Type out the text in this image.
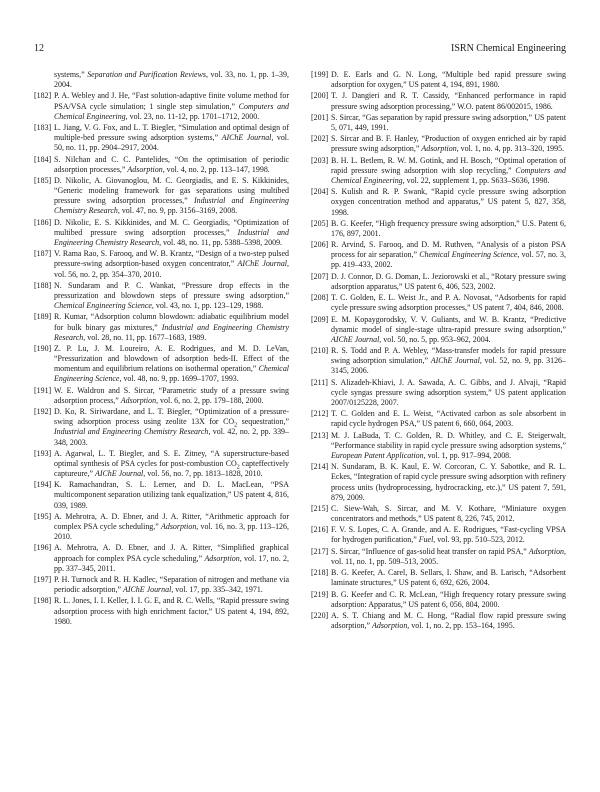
12	ISRN Chemical Engineering
systems,” Separation and Purification Reviews, vol. 33, no. 1, pp. 1–39, 2004.
[182] P. A. Webley and J. He, “Fast solution-adaptive finite volume method for PSA/VSA cycle simulation; 1 single step simulation,” Computers and Chemical Engineering, vol. 23, no. 11-12, pp. 1701–1712, 2000.
[183] L. Jiang, V. G. Fox, and L. T. Biegler, “Simulation and optimal design of multiple-bed pressure swing adsorption systems,” AIChE Journal, vol. 50, no. 11, pp. 2904–2917, 2004.
[184] S. Nilchan and C. C. Pantelides, “On the optimisation of periodic adsorption processes,” Adsorption, vol. 4, no. 2, pp. 113–147, 1998.
[185] D. Nikolic, A. Giovanoglou, M. C. Georgiadis, and E. S. Kikkinides, “Generic modeling framework for gas separations using multibed pressure swing adsorption processes,” Industrial and Engineering Chemistry Research, vol. 47, no. 9, pp. 3156–3169, 2008.
[186] D. Nikolic, E. S. Kikkinides, and M. C. Georgiadis, “Optimization of multibed pressure swing adsorption processes,” Industrial and Engineering Chemistry Research, vol. 48, no. 11, pp. 5388–5398, 2009.
[187] V. Rama Rao, S. Farooq, and W. B. Krantz, “Design of a two-step pulsed pressure-swing adsorption-based oxygen concentrator,” AIChE Journal, vol. 56, no. 2, pp. 354–370, 2010.
[188] N. Sundaram and P. C. Wankat, “Pressure drop effects in the pressurization and blowdown steps of pressure swing adsorption,” Chemical Engineering Science, vol. 43, no. 1, pp. 123–129, 1988.
[189] R. Kumar, “Adsorption column blowdown: adiabatic equilibrium model for bulk binary gas mixtures,” Industrial and Engineering Chemistry Research, vol. 28, no. 11, pp. 1677–1683, 1989.
[190] Z. P. Lu, J. M. Loureiro, A. E. Rodrigues, and M. D. LeVan, “Pressurization and blowdown of adsorption beds-II. Effect of the momentum and equilibrium relations on isothermal operation,” Chemical Engineering Science, vol. 48, no. 9, pp. 1699–1707, 1993.
[191] W. E. Waldron and S. Sircar, “Parametric study of a pressure swing adsorption process,” Adsorption, vol. 6, no. 2, pp. 179–188, 2000.
[192] D. Ko, R. Siriwardane, and L. T. Biegler, “Optimization of a pressure-swing adsorption process using zeolite 13X for $CO_2$ sequestration,” Industrial and Engineering Chemistry Research, vol. 42, no. 2, pp. 339–348, 2003.
[193] A. Agarwal, L. T. Biegler, and S. E. Zitney, “A superstructure-based optimal synthesis of PSA cycles for post-combustion $CO_2$ capteffectively captureure,” AIChE Journal, vol. 56, no. 7, pp. 1813–1828, 2010.
[194] K. Ramachandran, S. L. Lerner, and D. L. MacLean, “PSA multicomponent separation utilizing tank equalization,” US patent 4, 816, 039, 1989.
[195] A. Mehrotra, A. D. Ebner, and J. A. Ritter, “Arithmetic approach for complex PSA cycle scheduling,” Adsorption, vol. 16, no. 3, pp. 113–126, 2010.
[196] A. Mehrotra, A. D. Ebner, and J. A. Ritter, “Simplified graphical approach for complex PSA cycle scheduling,” Adsorption, vol. 17, no. 2, pp. 337–345, 2011.
[197] P. H. Turnock and R. H. Kadlec, “Separation of nitrogen and methane via periodic adsorption,” AIChE Journal, vol. 17, pp. 335–342, 1971.
[198] R. L. Jones, I. I. Keller, I. I. G. E, and R. C. Wells, “Rapid pressure swing adsorption process with high enrichment factor,” US patent 4, 194, 892, 1980.
[199] D. E. Earls and G. N. Long, “Multiple bed rapid pressure swing adsorption for oxygen,” US patent 4, 194, 891, 1980.
[200] T. J. Dangieri and R. T. Cassidy, “Enhanced performance in rapid pressure swing adsorption processing,” W.O. patent 86/002015, 1986.
[201] S. Sircar, “Gas separation by rapid pressure swing adsorption,” US patent 5, 071, 449, 1991.
[202] S. Sircar and B. F. Hanley, “Production of oxygen enriched air by rapid pressure swing adsorption,” Adsorption, vol. 1, no. 4, pp. 313–320, 1995.
[203] B. H. L. Betlem, R. W. M. Gotink, and H. Bosch, “Optimal operation of rapid pressure swing adsorption with slop recycling,” Computers and Chemical Engineering, vol. 22, supplement 1, pp. S633–S636, 1998.
[204] S. Kulish and R. P. Swank, “Rapid cycle pressure swing adsorption oxygen concentration method and apparatus,” US patent 5, 827, 358, 1998.
[205] B. G. Keefer, “High frequency pressure swing adsorption,” U.S. Patent 6, 176, 897, 2001.
[206] R. Arvind, S. Farooq, and D. M. Ruthven, “Analysis of a piston PSA process for air separation,” Chemical Engineering Science, vol. 57, no. 3, pp. 419–433, 2002.
[207] D. J. Connor, D. G. Doman, L. Jeziorowski et al., “Rotary pressure swing adsorption apparatus,” US patent 6, 406, 523, 2002.
[208] T. C. Golden, E. L. Weist Jr., and P. A. Novosat, “Adsorbents for rapid cycle pressure swing adsorption processes,” US patent 7, 404, 846, 2008.
[209] E. M. Kopaygorodsky, V. V. Guliants, and W. B. Krantz, “Predictive dynamic model of single-stage ultra-rapid pressure swing adsorption,” AIChE Journal, vol. 50, no. 5, pp. 953–962, 2004.
[210] R. S. Todd and P. A. Webley, “Mass-transfer models for rapid pressure swing adsorption simulation,” AIChE Journal, vol. 52, no. 9, pp. 3126–3145, 2006.
[211] S. Alizadeh-Khiavi, J. A. Sawada, A. C. Gibbs, and J. Alvaji, “Rapid cycle syngas pressure swing adsorption system,” US patent application 2007/0125228, 2007.
[212] T. C. Golden and E. L. Weist, “Activated carbon as sole absorbent in rapid cycle hydrogen PSA,” US patent 6, 660, 064, 2003.
[213] M. J. LaBuda, T. C. Golden, R. D. Whitley, and C. E. Steigerwalt, “Performance stability in rapid cycle pressure swing adsorption systems,” European Patent Application, vol. 1, pp. 917–994, 2008.
[214] N. Sundaram, B. K. Kaul, E. W. Corcoran, C. Y. Sabottke, and R. L. Eckes, “Integration of rapid cycle pressure swing adsorption with refinery process units (hydroprocessing, hydrocracking, etc.),” US patent 7, 591, 879, 2009.
[215] C. Siew-Wah, S. Sircar, and M. V. Kothare, “Miniature oxygen concentrators and methods,” US patent 8, 226, 745, 2012.
[216] F. V. S. Lopes, C. A. Grande, and A. E. Rodrigues, “Fast-cycling VPSA for hydrogen purification,” Fuel, vol. 93, pp. 510–523, 2012.
[217] S. Sircar, “Influence of gas-solid heat transfer on rapid PSA,” Adsorption, vol. 11, no. 1, pp. 509–513, 2005.
[218] B. G. Keefer, A. Carel, B. Sellars, I. Shaw, and B. Larisch, “Adsorbent laminate structures,” US patent 6, 692, 626, 2004.
[219] B. G. Keefer and C. R. McLean, “High frequency rotary pressure swing adsorption: Apparatus,” US patent 6, 056, 804, 2000.
[220] A. S. T. Chiang and M. C. Hong, “Radial flow rapid pressure swing adsorption,” Adsorption, vol. 1, no. 2, pp. 153–164, 1995.
